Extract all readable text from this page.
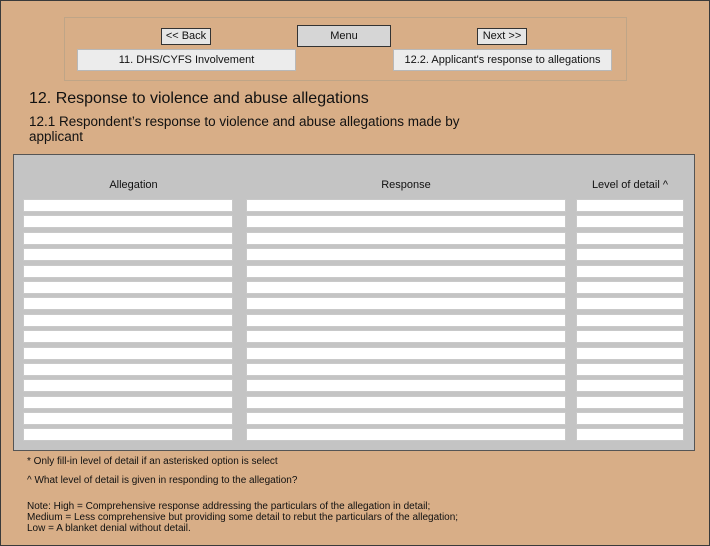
<< Back	Menu	Next >>
11. DHS/CYFS Involvement	12.2. Applicant's response to allegations
12. Response to violence and abuse allegations
12.1 Respondent’s response to violence and abuse allegations made by applicant
Allegation	Response	Level of detail ^

* Only fill-in level of detail if an asterisked option is select

^ What level of detail is given in responding to the allegation?

Note: High = Comprehensive response addressing the particulars of the allegation in detail;
Medium = Less comprehensive but providing some detail to rebut the particulars of the allegation;
Low = A blanket denial without detail.
